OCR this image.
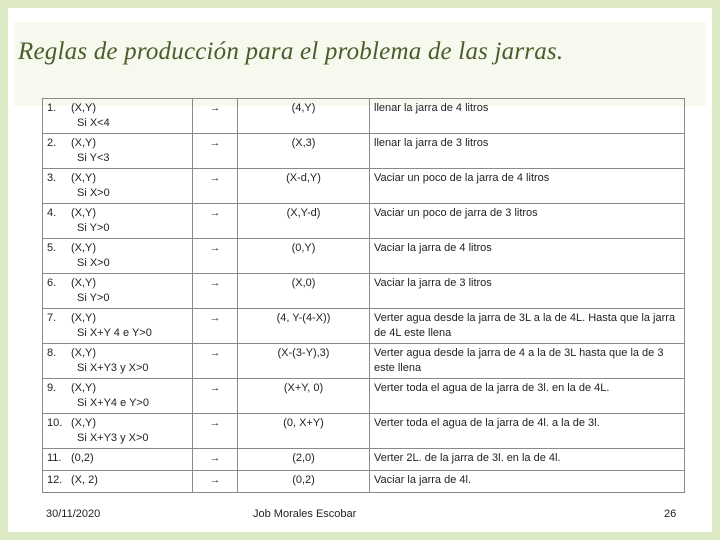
Reglas de producción para el problema de las jarras.
1. (X,Y)
Si X<4	→	(4,Y)	llenar la jarra de 4 litros
2. (X,Y)
Si Y<3	→	(X,3)	llenar la jarra de 3 litros
3. (X,Y)
Si X>0	→	(X-d,Y)	Vaciar un poco de la jarra de 4 litros
4. (X,Y)
Si Y>0	→	(X,Y-d)	Vaciar un poco de jarra de 3 litros
5. (X,Y)
Si X>0	→	(0,Y)	Vaciar la jarra de 4 litros
6. (X,Y)
Si Y>0	→	(X,0)	Vaciar la jarra de 3 litros
7. (X,Y)
Si X+Y 4 e Y>0	→	(4, Y-(4-X))	Verter agua desde la jarra de 3L a la de 4L. Hasta que la jarra de 4L este llena
8. (X,Y)
Si X+Y3 y X>0	→	(X-(3-Y),3)	Verter agua desde la jarra de 4 a la de 3L hasta que la de 3 este llena
9. (X,Y)
Si X+Y4 e Y>0	→	(X+Y, 0)	Verter toda el agua de la jarra de 3l. en la de 4L.
10. (X,Y)
Si X+Y3 y X>0	→	(0, X+Y)	Verter toda el agua de la jarra de 4l. a la de 3l.
11. (0,2)	→	(2,0)	Verter 2L. de la jarra de 3l. en la de 4l.
12. (X, 2)	→	(0,2)	Vaciar la jarra de 4l.
30/11/2020	Job Morales Escobar	26
